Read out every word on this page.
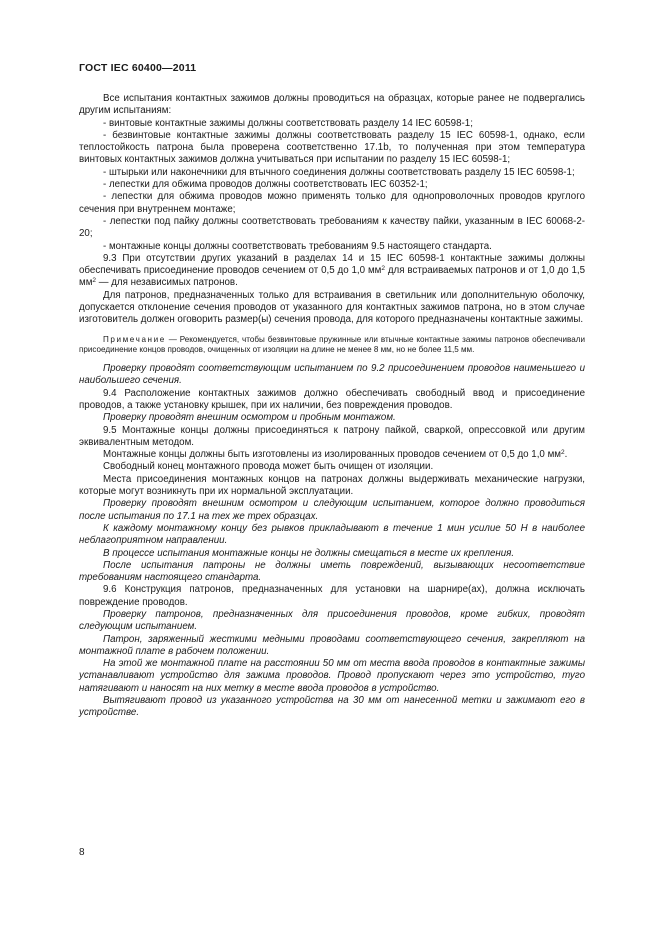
ГОСТ IEC 60400—2011

Все испытания контактных зажимов должны проводиться на образцах, которые ранее не подвергались другим испытаниям:

- винтовые контактные зажимы должны соответствовать разделу 14 IEC 60598-1;

- безвинтовые контактные зажимы должны соответствовать разделу 15 IEC 60598-1, однако, если теплостойкость патрона была проверена соответственно 17.1b, то полученная при этом температура винтовых контактных зажимов должна учитываться при испытании по разделу 15 IEC 60598-1;

- штырьки или наконечники для втычного соединения должны соответствовать разделу 15 IEC 60598-1;

- лепестки для обжима проводов должны соответствовать IEC 60352-1;

- лепестки для обжима проводов можно применять только для однопроволочных проводов круглого сечения при внутреннем монтаже;

- лепестки под пайку должны соответствовать требованиям к качеству пайки, указанным в IEC 60068-2-20;

- монтажные концы должны соответствовать требованиям 9.5 настоящего стандарта.

9.3 При отсутствии других указаний в разделах 14 и 15 IEC 60598-1 контактные зажимы должны обеспечивать присоединение проводов сечением от 0,5 до 1,0 $мм^2$ для встраиваемых патронов и от 1,0 до 1,5 $мм^2$ — для независимых патронов.

Для патронов, предназначенных только для встраивания в светильник или дополнительную оболочку, допускается отклонение сечения проводов от указанного для контактных зажимов патрона, но в этом случае изготовитель должен оговорить размер(ы) сечения провода, для которого предназначены контактные зажимы.

Примечание — Рекомендуется, чтобы безвинтовые пружинные или втычные контактные зажимы патронов обеспечивали присоединение концов проводов, очищенных от изоляции на длине не менее 8 мм, но не более 11,5 мм.

Проверку проводят соответствующим испытанием по 9.2 присоединением проводов наименьшего и наибольшего сечения.

9.4 Расположение контактных зажимов должно обеспечивать свободный ввод и присоединение проводов, а также установку крышек, при их наличии, без повреждения проводов.

Проверку проводят внешним осмотром и пробным монтажом.

9.5 Монтажные концы должны присоединяться к патрону пайкой, сваркой, опрессовкой или другим эквивалентным методом.

Монтажные концы должны быть изготовлены из изолированных проводов сечением от 0,5 до 1,0 $мм^2$.

Свободный конец монтажного провода может быть очищен от изоляции.

Места присоединения монтажных концов на патронах должны выдерживать механические нагрузки, которые могут возникнуть при их нормальной эксплуатации.

Проверку проводят внешним осмотром и следующим испытанием, которое должно проводиться после испытания по 17.1 на тех же трех образцах.

К каждому монтажному концу без рывков прикладывают в течение 1 мин усилие 50 Н в наиболее неблагоприятном направлении.

В процессе испытания монтажные концы не должны смещаться в месте их крепления.

После испытания патроны не должны иметь повреждений, вызывающих несоответствие требованиям настоящего стандарта.

9.6 Конструкция патронов, предназначенных для установки на шарнире(ах), должна исключать повреждение проводов.

Проверку патронов, предназначенных для присоединения проводов, кроме гибких, проводят следующим испытанием.

Патрон, заряженный жесткими медными проводами соответствующего сечения, закрепляют на монтажной плате в рабочем положении.

На этой же монтажной плате на расстоянии 50 мм от места ввода проводов в контактные зажимы устанавливают устройство для зажима проводов. Провод пропускают через это устройство, туго натягивают и наносят на них метку в месте ввода проводов в устройство.

Вытягивают провод из указанного устройства на 30 мм от нанесенной метки и зажимают его в устройстве.

8
